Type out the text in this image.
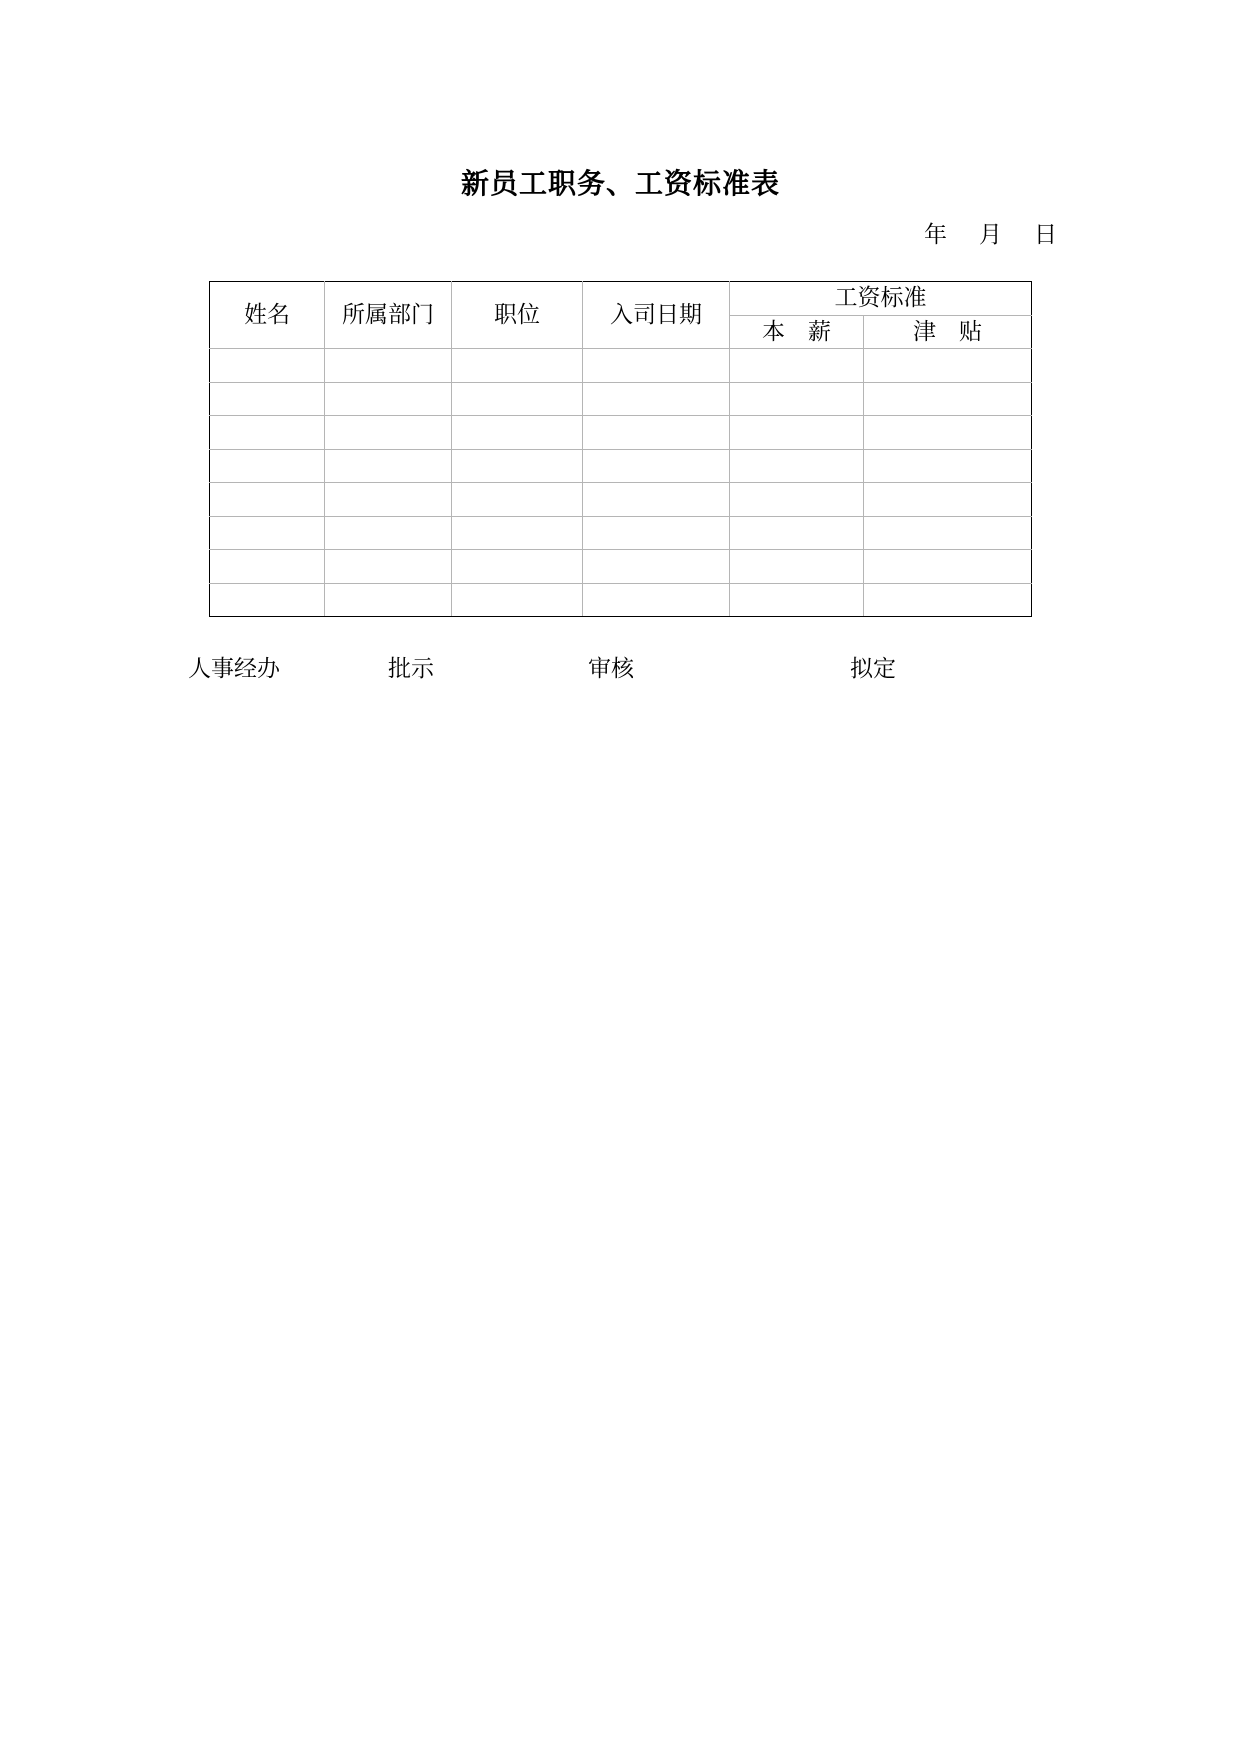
新员工职务、工资标准表
年 月 日
姓名	所属部门	职位	入司日期	工资标准	
				本　薪	津　贴

人事经办	批示	审核	拟定
